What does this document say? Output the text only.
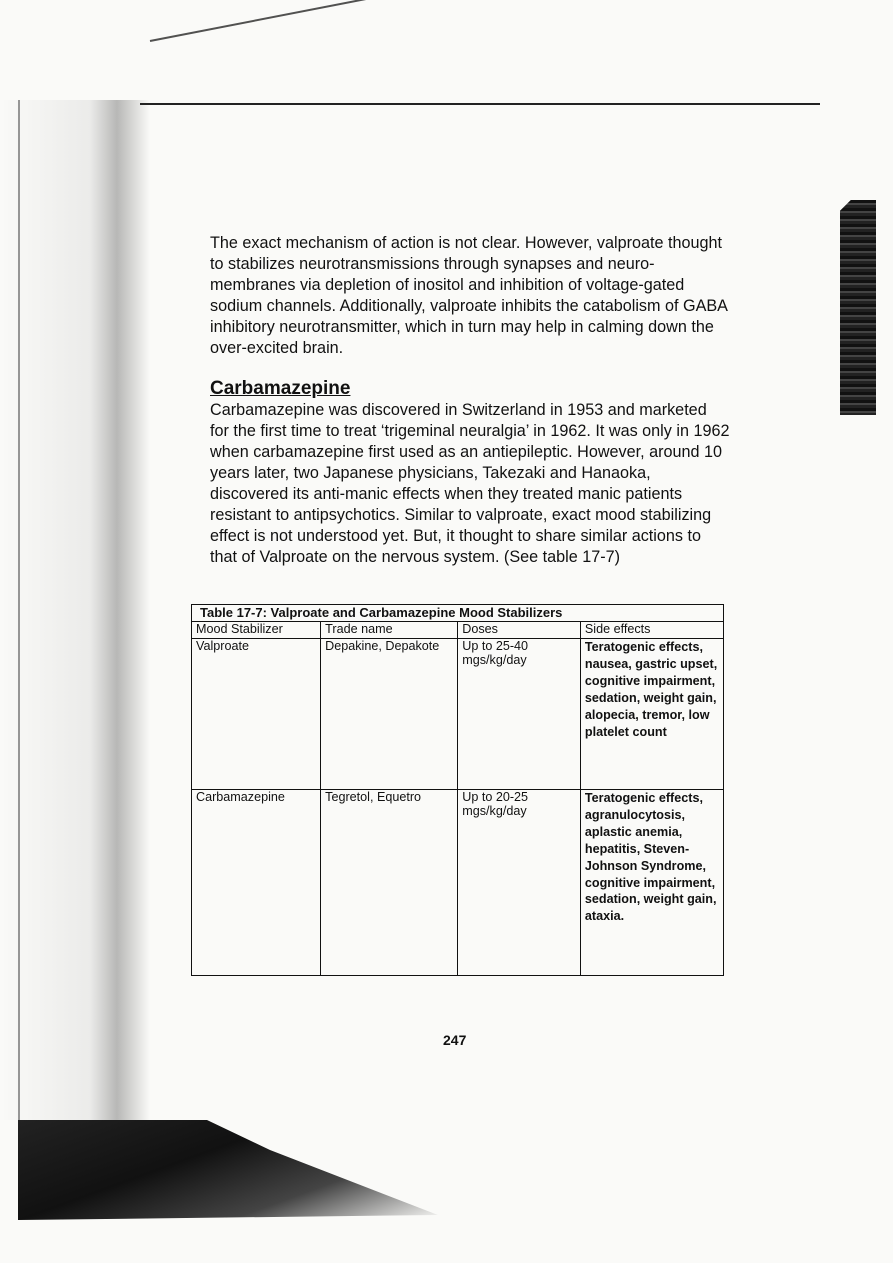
The exact mechanism of action is not clear. However, valproate thought to stabilizes neurotransmissions through synapses and neuro-membranes via depletion of inositol and inhibition of voltage-gated sodium channels. Additionally, valproate inhibits the catabolism of GABA inhibitory neurotransmitter, which in turn may help in calming down the over-excited brain.

Carbamazepine

Carbamazepine was discovered in Switzerland in 1953 and marketed for the first time to treat ‘trigeminal neuralgia’ in 1962. It was only in 1962 when carbamazepine first used as an antiepileptic. However, around 10 years later, two Japanese physicians, Takezaki and Hanaoka, discovered its anti-manic effects when they treated manic patients resistant to antipsychotics. Similar to valproate, exact mood stabilizing effect is not understood yet. But, it thought to share similar actions to that of Valproate on the nervous system. (See table 17-7)

Table 17-7: Valproate and Carbamazepine Mood Stabilizers			
Mood Stabilizer	Trade name	Doses	Side effects
Valproate	Depakine, Depakote	Up to 25-40 mgs/kg/day	Teratogenic effects, nausea, gastric upset, cognitive impairment, sedation, weight gain, alopecia, tremor, low platelet count
Carbamazepine	Tegretol, Equetro	Up to 20-25 mgs/kg/day	Teratogenic effects, agranulocytosis, aplastic anemia, hepatitis, Steven-Johnson Syndrome, cognitive impairment, sedation, weight gain, ataxia.
247
